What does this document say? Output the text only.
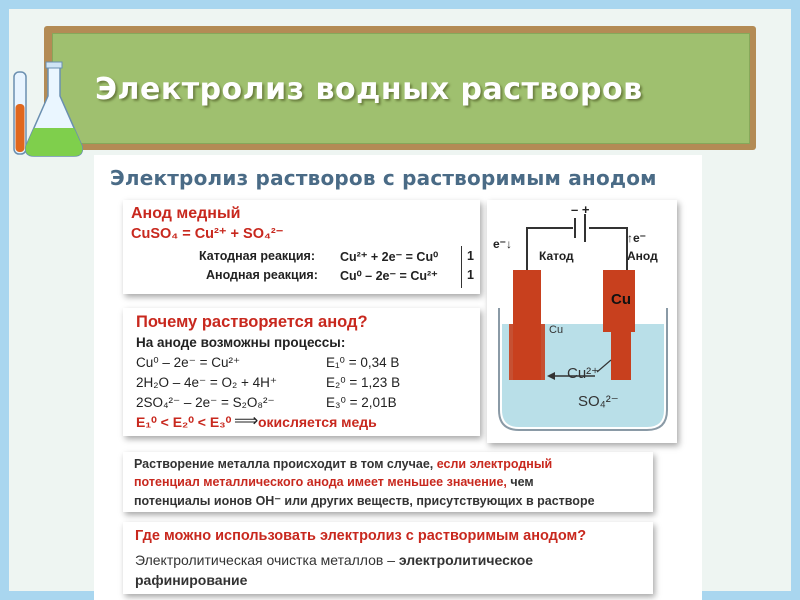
Электролиз водных растворов
Электролиз растворов с растворимым анодом
Анод медный
CuSO₄ = Cu²⁺ + SO₄²⁻
Катодная реакция: Cu²⁺ + 2e⁻ = Cu⁰ 1
Анодная реакция: Cu⁰ – 2e⁻ = Cu²⁺ 1
Почему растворяется анод?
На аноде возможны процессы:
Cu⁰ – 2e⁻ = Cu²⁺	E₁⁰ = 0,34 В
2H₂O – 4e⁻ = O₂ + 4H⁺	E₂⁰ = 1,23 В
2SO₄²⁻ – 2e⁻ = S₂O₈²⁻	E₃⁰ = 2,01В
E₁⁰ < E₂⁰ < E₃⁰ ⟹ окисляется медь
Растворение металла происходит в том случае, если электродный
потенциал металлического анода имеет меньшее значение, чем
потенциалы ионов OH⁻ или других веществ, присутствующих в растворе
Где можно использовать электролиз с растворимым анодом?
Электролитическая очистка металлов – электролитическое
рафинирование
– +
e⁻↓	↑e⁻
Катод	Анод
Cu
Cu
Cu²⁺
SO₄²⁻
